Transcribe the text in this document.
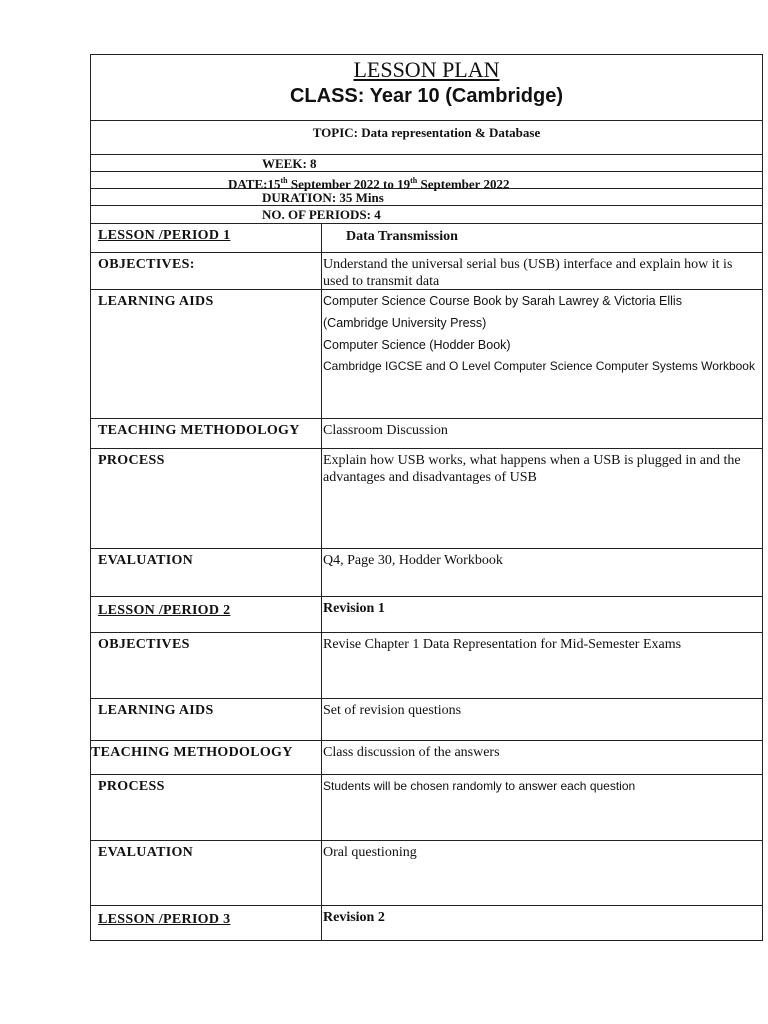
LESSON PLAN
CLASS: Year 10 (Cambridge)
TOPIC: Data representation & Database
WEEK: 8
DATE:15th September 2022 to 19th September 2022
DURATION: 35 Mins
NO. OF PERIODS: 4
LESSON /PERIOD 1	Data Transmission
OBJECTIVES:	Understand the universal serial bus (USB) interface and explain how it is used to transmit data
LEARNING AIDS	Computer Science Course Book by Sarah Lawrey & Victoria Ellis
(Cambridge University Press)
Computer Science (Hodder Book)
Cambridge IGCSE and O Level Computer Science Computer Systems Workbook
TEACHING METHODOLOGY	Classroom Discussion
PROCESS	Explain how USB works, what happens when a USB is plugged in and the advantages and disadvantages of USB
EVALUATION	Q4, Page 30, Hodder Workbook
LESSON /PERIOD 2	Revision 1
OBJECTIVES	Revise Chapter 1 Data Representation for Mid-Semester Exams
LEARNING AIDS	Set of revision questions
TEACHING METHODOLOGY	Class discussion of the answers
PROCESS	Students will be chosen randomly to answer each question
EVALUATION	Oral questioning
LESSON /PERIOD 3	Revision 2
